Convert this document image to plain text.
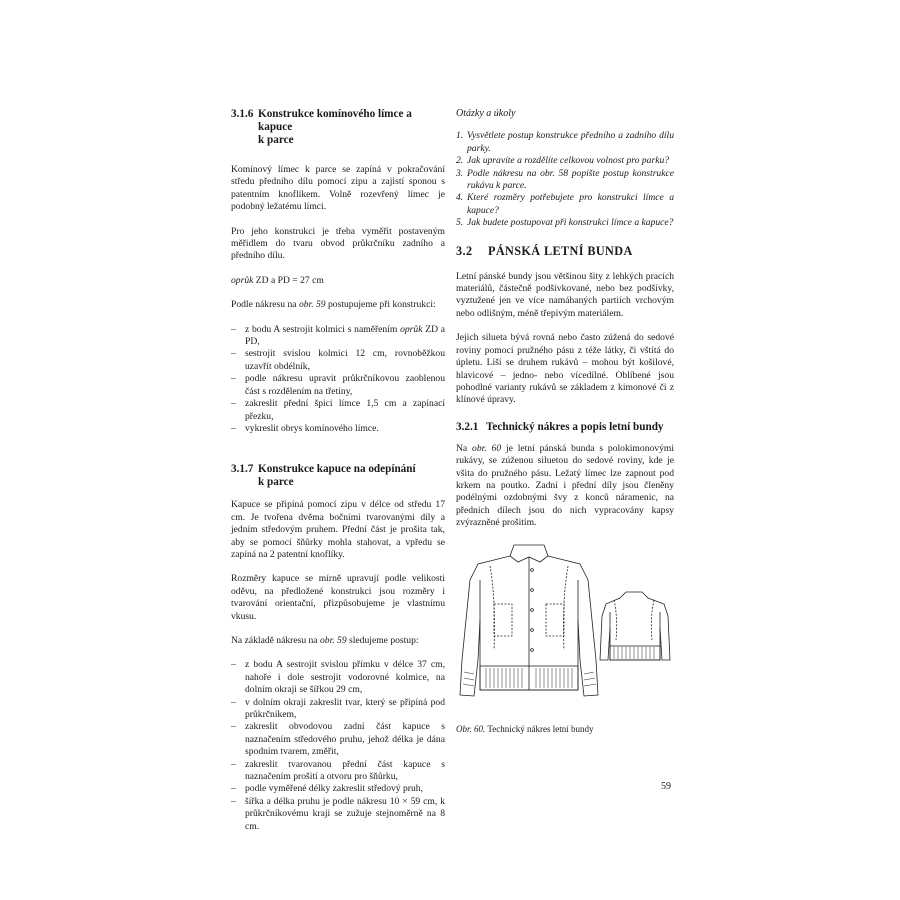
3.1.6 Konstrukce komínového límce a kapuce
k parce

Komínový límec k parce se zapíná v pokračování středu předního dílu pomocí zipu a zajistí sponou s patentním knoflíkem. Volně rozevřený límec je podobný ležatému límci.

Pro jeho konstrukci je třeba vyměřit postaveným měřidlem do tvaru obvod průkrčníku zadního a předního dílu.

oprůk ZD a PD = 27 cm

Podle nákresu na obr. 59 postupujeme při konstrukci:

– z bodu A sestrojit kolmici s naměřením oprůk ZD a PD,
– sestrojit svislou kolmici 12 cm, rovnoběžkou uzavřít obdélník,
– podle nákresu upravit průkrčníkovou zaoblenou část s rozdělením na třetiny,
– zakreslit přední špici límce 1,5 cm a zapínací přezku,
– vykreslit obrys komínového límce.
3.1.7 Konstrukce kapuce na odepínání
k parce

Kapuce se připíná pomocí zipu v délce od středu 17 cm. Je tvořena dvěma bočními tvarovanými díly a jedním středovým pruhem. Přední část je prošita tak, aby se pomocí šňůrky mohla stahovat, a vpředu se zapíná na 2 patentní knoflíky.

Rozměry kapuce se mírně upravují podle velikosti oděvu, na předložené konstrukci jsou rozměry i tvarování orientační, přizpůsobujeme je vlastnímu vkusu.

Na základě nákresu na obr. 59 sledujeme postup:

– z bodu A sestrojit svislou přímku v délce 37 cm, nahoře i dole sestrojit vodorovné kolmice, na dolním okraji se šířkou 29 cm,
– v dolním okraji zakreslit tvar, který se připíná pod průkrčníkem,
– zakreslit obvodovou zadní část kapuce s naznačením středového pruhu, jehož délka je dána spodním tvarem, změřit,
– zakreslit tvarovanou přední část kapuce s naznačením prošití a otvoru pro šňůrku,
– podle vyměřené délky zakreslit středový pruh,
– šířka a délka pruhu je podle nákresu 10 × 59 cm, k průkrčníkovému kraji se zužuje stejnoměrně na 8 cm.
Otázky a úkoly
1. Vysvětlete postup konstrukce předního a zadního dílu parky.
2. Jak upravíte a rozdělíte celkovou volnost pro parku?
3. Podle nákresu na obr. 58 popište postup konstrukce rukávu k parce.
4. Které rozměry potřebujete pro konstrukci límce a kapuce?
5. Jak budete postupovat při konstrukci límce a kapuce?
3.2	PÁNSKÁ LETNÍ BUNDA

Letní pánské bundy jsou většinou šity z lehkých pracích materiálů, částečně podšívkované, nebo bez podšívky, vyztužené jen ve více namáhaných partiích vrchovým nebo odlišným, méně třepivým materiálem.

Jejich silueta bývá rovná nebo často zúžená do sedové roviny pomocí pružného pásu z téže látky, či vštítá do úpletu. Liší se druhem rukávů – mohou být košilové, hlavicové – jedno- nebo vícedílné. Oblíbené jsou pohodlné varianty rukávů se základem z kimonové či z klínové úpravy.

3.2.1 Technický nákres a popis letní bundy

Na obr. 60 je letní pánská bunda s polokimonovými rukávy, se zúženou siluetou do sedové roviny, kde je všita do pružného pásu. Ležatý límec lze zapnout pod krkem na poutko. Zadní i přední díly jsou členěny podélnými ozdobnými švy z konců náramenic, na předních dílech jsou do nich vypracovány kapsy zvýrazněné prošitím.

Obr. 60. Technický nákres letní bundy
59
